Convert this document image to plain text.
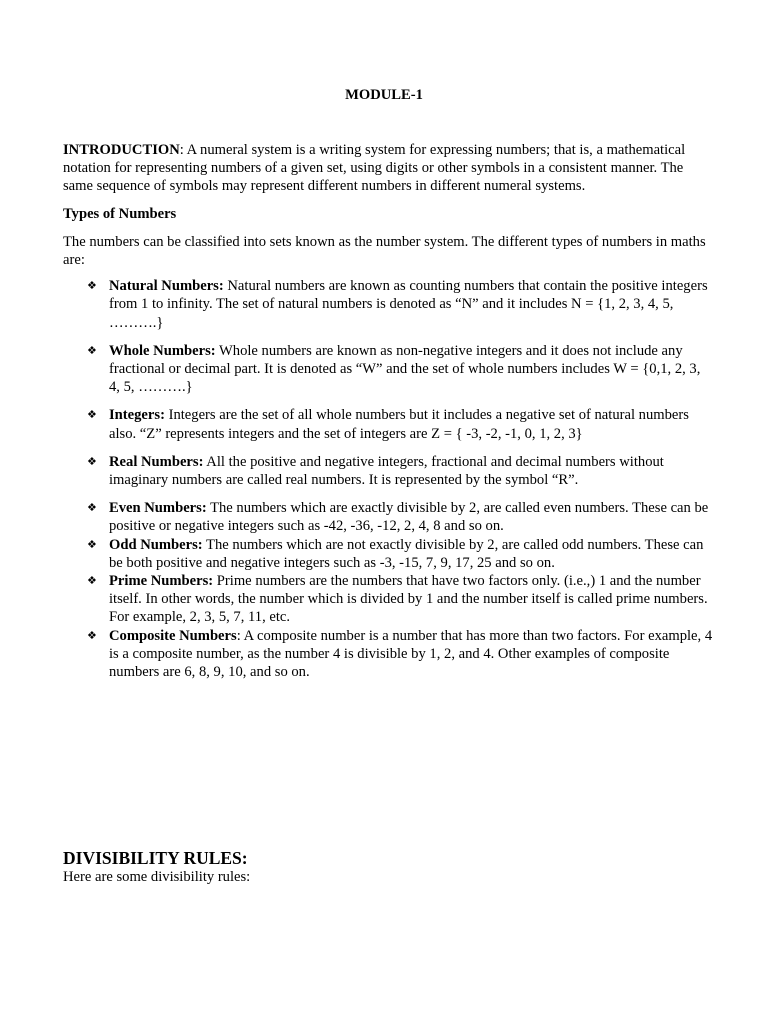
MODULE-1

INTRODUCTION: A numeral system is a writing system for expressing numbers; that is, a mathematical notation for representing numbers of a given set, using digits or other symbols in a consistent manner. The same sequence of symbols may represent different numbers in different numeral systems.

Types of Numbers

The numbers can be classified into sets known as the number system. The different types of numbers in maths are:

❖ Natural Numbers: Natural numbers are known as counting numbers that contain the positive integers from 1 to infinity. The set of natural numbers is denoted as “N” and it includes N = {1, 2, 3, 4, 5, ……….}
❖ Whole Numbers: Whole numbers are known as non-negative integers and it does not include any fractional or decimal part. It is denoted as “W” and the set of whole numbers includes W = {0,1, 2, 3, 4, 5, ……….}
❖ Integers: Integers are the set of all whole numbers but it includes a negative set of natural numbers also. “Z” represents integers and the set of integers are Z = { -3, -2, -1, 0, 1, 2, 3}
❖ Real Numbers: All the positive and negative integers, fractional and decimal numbers without imaginary numbers are called real numbers. It is represented by the symbol “R”.
❖ Even Numbers: The numbers which are exactly divisible by 2, are called even numbers. These can be positive or negative integers such as -42, -36, -12, 2, 4, 8 and so on.
❖ Odd Numbers: The numbers which are not exactly divisible by 2, are called odd numbers. These can be both positive and negative integers such as -3, -15, 7, 9, 17, 25 and so on.
❖ Prime Numbers: Prime numbers are the numbers that have two factors only. (i.e.,) 1 and the number itself. In other words, the number which is divided by 1 and the number itself is called prime numbers. For example, 2, 3, 5, 7, 11, etc.
❖ Composite Numbers: A composite number is a number that has more than two factors. For example, 4 is a composite number, as the number 4 is divisible by 1, 2, and 4. Other examples of composite numbers are 6, 8, 9, 10, and so on.
DIVISIBILITY RULES:

Here are some divisibility rules:
